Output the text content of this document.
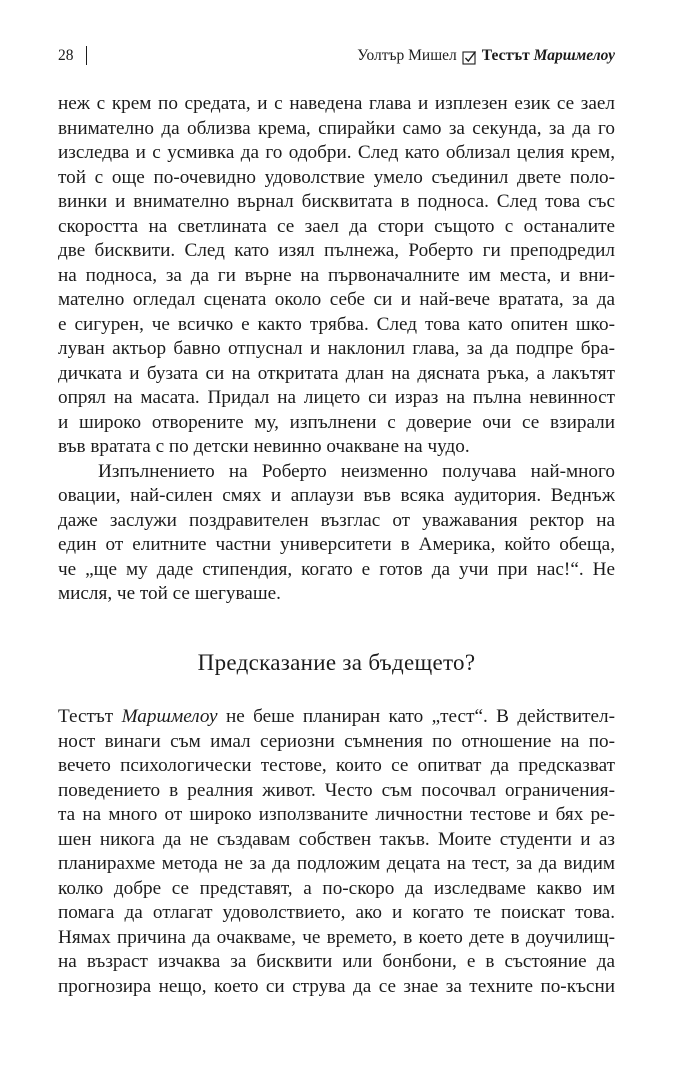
28	Уолтър Мишел Тестът Маршмелоу

неж с крем по средата, и с наведена глава и изплезен език се заел

внимателно да облизва крема, спирайки само за секунда, за да го

изследва и с усмивка да го одобри. След като облизал целия крем,

той с още по-очевидно удоволствие умело съединил двете поло-

винки и внимателно върнал бисквитата в подноса. След това със

скоростта на светлината се заел да стори същото с останалите

две бисквити. След като изял пълнежа, Роберто ги преподредил

на подноса, за да ги върне на първоначалните им места, и вни-

мателно огледал сцената около себе си и най-вече вратата, за да

е сигурен, че всичко е както трябва. След това като опитен шко-

луван актьор бавно отпуснал и наклонил глава, за да подпре бра-

дичката и бузата си на откритата длан на дясната ръка, а лакътят

опрял на масата. Придал на лицето си израз на пълна невинност

и широко отворените му, изпълнени с доверие очи се взирали

във вратата с по детски невинно очакване на чудо.

Изпълнението на Роберто неизменно получава най-много

овации, най-силен смях и аплаузи във всяка аудитория. Веднъж

даже заслужи поздравителен възглас от уважавания ректор на

един от елитните частни университети в Америка, който обеща,

че „ще му даде стипендия, когато е готов да учи при нас!“. Не

мисля, че той се шегуваше.

Предсказание за бъдещето?

Тестът Маршмелоу не беше планиран като „тест“. В действител-

ност винаги съм имал сериозни съмнения по отношение на по-

вечето психологически тестове, които се опитват да предсказват

поведението в реалния живот. Често съм посочвал ограничения-

та на много от широко използваните личностни тестове и бях ре-

шен никога да не създавам собствен такъв. Моите студенти и аз

планирахме метода не за да подложим децата на тест, за да видим

колко добре се представят, а по-скоро да изследваме какво им

помага да отлагат удоволствието, ако и когато те поискат това.

Нямах причина да очакваме, че времето, в което дете в доучилищ-

на възраст изчаква за бисквити или бонбони, е в състояние да

прогнозира нещо, което си струва да се знае за техните по-късни
